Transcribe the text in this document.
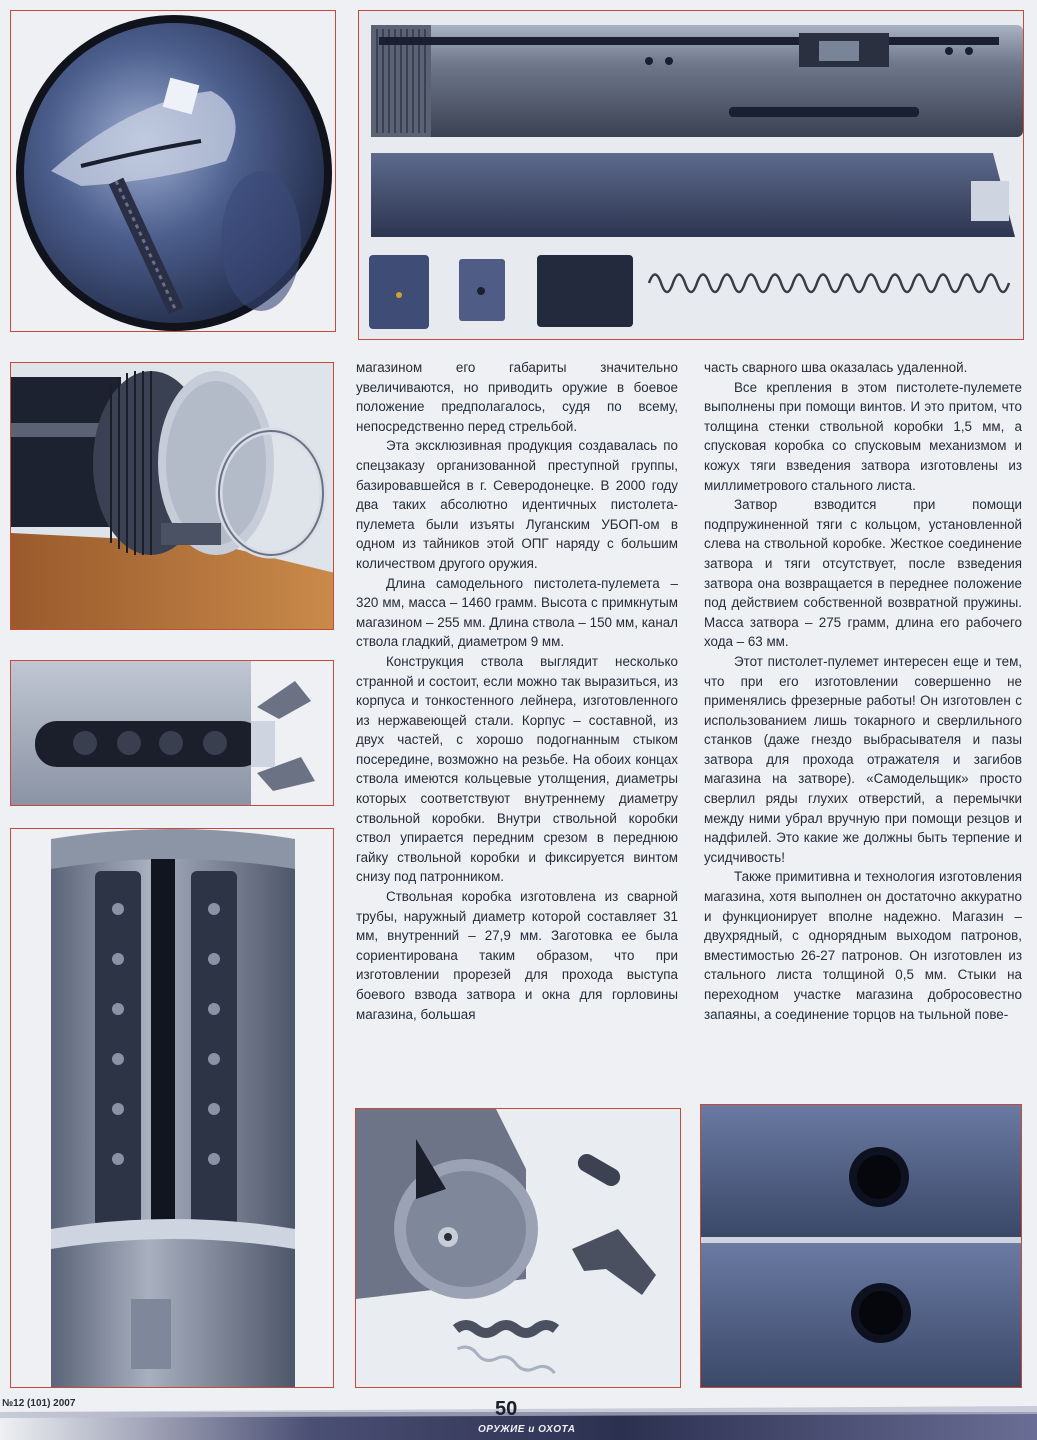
магазином его габариты значительно увеличиваются, но приводить оружие в боевое положение предполагалось, судя по всему, непосредственно перед стрельбой.

Эта эксклюзивная продукция создавалась по спецзаказу организованной преступной группы, базировавшейся в г. Северодонецке. В 2000 году два таких абсолютно идентичных пистолета-пулемета были изъяты Луганским УБОП-ом в одном из тайников этой ОПГ наряду с большим количеством другого оружия.

Длина самодельного пистолета-пулемета – 320 мм, масса – 1460 грамм. Высота с примкнутым магазином – 255 мм. Длина ствола – 150 мм, канал ствола гладкий, диаметром 9 мм.

Конструкция ствола выглядит несколько странной и состоит, если можно так выразиться, из корпуса и тонкостенного лейнера, изготовленного из нержавеющей стали. Корпус – составной, из двух частей, с хорошо подогнанным стыком посередине, возможно на резьбе. На обоих концах ствола имеются кольцевые утолщения, диаметры которых соответствуют внутреннему диаметру ствольной коробки. Внутри ствольной коробки ствол упирается передним срезом в переднюю гайку ствольной коробки и фиксируется винтом снизу под патронником.

Ствольная коробка изготовлена из сварной трубы, наружный диаметр которой составляет 31 мм, внутренний – 27,9 мм. Заготовка ее была сориентирована таким образом, что при изготовлении прорезей для прохода выступа боевого взвода затвора и окна для горловины магазина, большая

часть сварного шва оказалась удаленной.

Все крепления в этом пистолете-пулемете выполнены при помощи винтов. И это притом, что толщина стенки ствольной коробки 1,5 мм, а спусковая коробка со спусковым механизмом и кожух тяги взведения затвора изготовлены из миллиметрового стального листа.

Затвор взводится при помощи подпружиненной тяги с кольцом, установленной слева на ствольной коробке. Жесткое соединение затвора и тяги отсутствует, после взведения затвора она возвращается в переднее положение под действием собственной возвратной пружины. Масса затвора – 275 грамм, длина его рабочего хода – 63 мм.

Этот пистолет-пулемет интересен еще и тем, что при его изготовлении совершенно не применялись фрезерные работы! Он изготовлен с использованием лишь токарного и сверлильного станков (даже гнездо выбрасывателя и пазы затвора для прохода отражателя и загибов магазина на затворе). «Самодельщик» просто сверлил ряды глухих отверстий, а перемычки между ними убрал вручную при помощи резцов и надфилей. Это какие же должны быть терпение и усидчивость!

Также примитивна и технология изготовления магазина, хотя выполнен он достаточно аккуратно и функционирует вполне надежно. Магазин – двухрядный, с однорядным выходом патронов, вместимостью 26-27 патронов. Он изготовлен из стального листа толщиной 0,5 мм. Стыки на переходном участке магазина добросовестно запаяны, а соединение торцов на тыльной пове-

№12 (101) 2007	50
ОРУЖИЕ и ОХОТА
